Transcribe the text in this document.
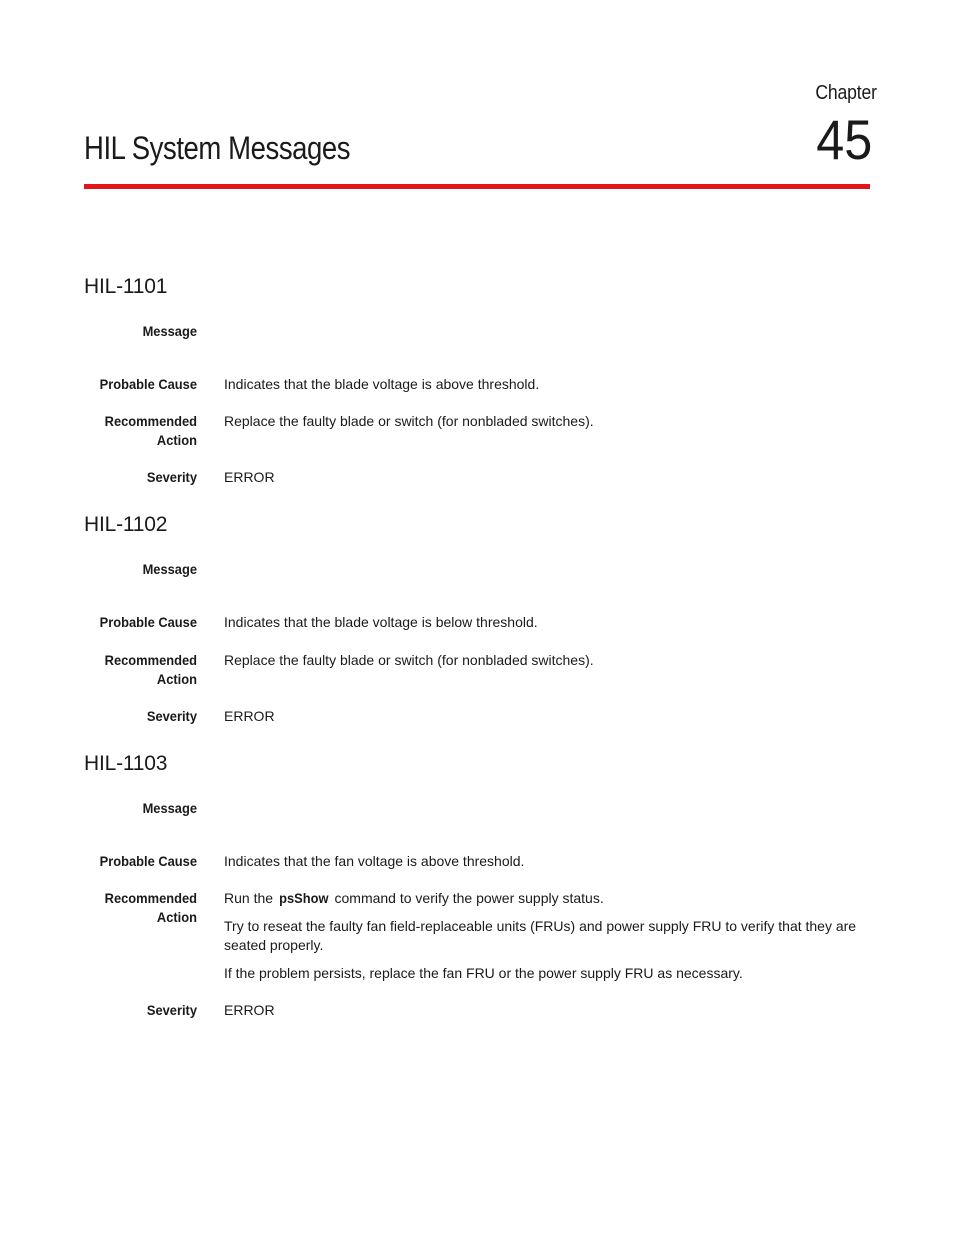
Chapter
45
HIL System Messages
HIL-1101
Message
Probable Cause Indicates that the blade voltage is above threshold.
Recommended
Action
Replace the faulty blade or switch (for nonbladed switches).
Severity ERROR
HIL-1102
Message
Probable Cause Indicates that the blade voltage is below threshold.
Recommended
Action
Replace the faulty blade or switch (for nonbladed switches).
Severity ERROR
HIL-1103
Message
Probable Cause Indicates that the fan voltage is above threshold.
Recommended
Action

Run the psShow command to verify the power supply status.

Try to reseat the faulty fan field-replaceable units (FRUs) and power supply FRU to verify that they are seated properly.

If the problem persists, replace the fan FRU or the power supply FRU as necessary.

Severity ERROR
